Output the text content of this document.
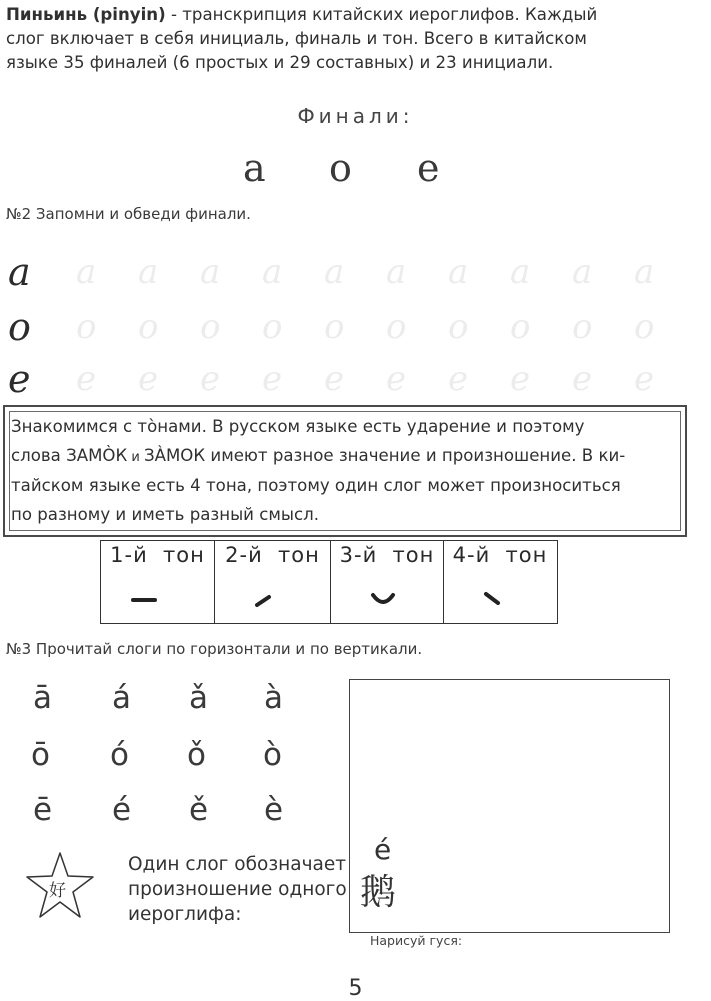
Пиньинь (pinyin) - транскрипция китайских иероглифов. Каждый
слог включает в себя инициаль, финаль и тон. Всего в китайском
языке 35 финалей (6 простых и 29 составных) и 23 инициали.
Финали:
a o e
№2 Запомни и обведи финали.
a a a a a a a a a a a
o o o o o o o o o o o
e e e e e e e e e e e
Знакомимся с тòнами. В русском языке есть ударение и поэтому
слова ЗАМÒК и ЗÀМОК имеют разное значение и произношение. В ки-
тайском языке есть 4 тона, поэтому один слог может произноситься
по разному и иметь разный смысл.
1-й  тон 2-й  тон 3-й  тон 4-й  тон
№3 Прочитай слоги по горизонтали и по вертикали.
ā á ǎ à
ō ó ǒ ò
ē é ě è
é
鹅
Нарисуй гуся:
好
Один слог обозначает
произношение одного
иероглифа:
5
